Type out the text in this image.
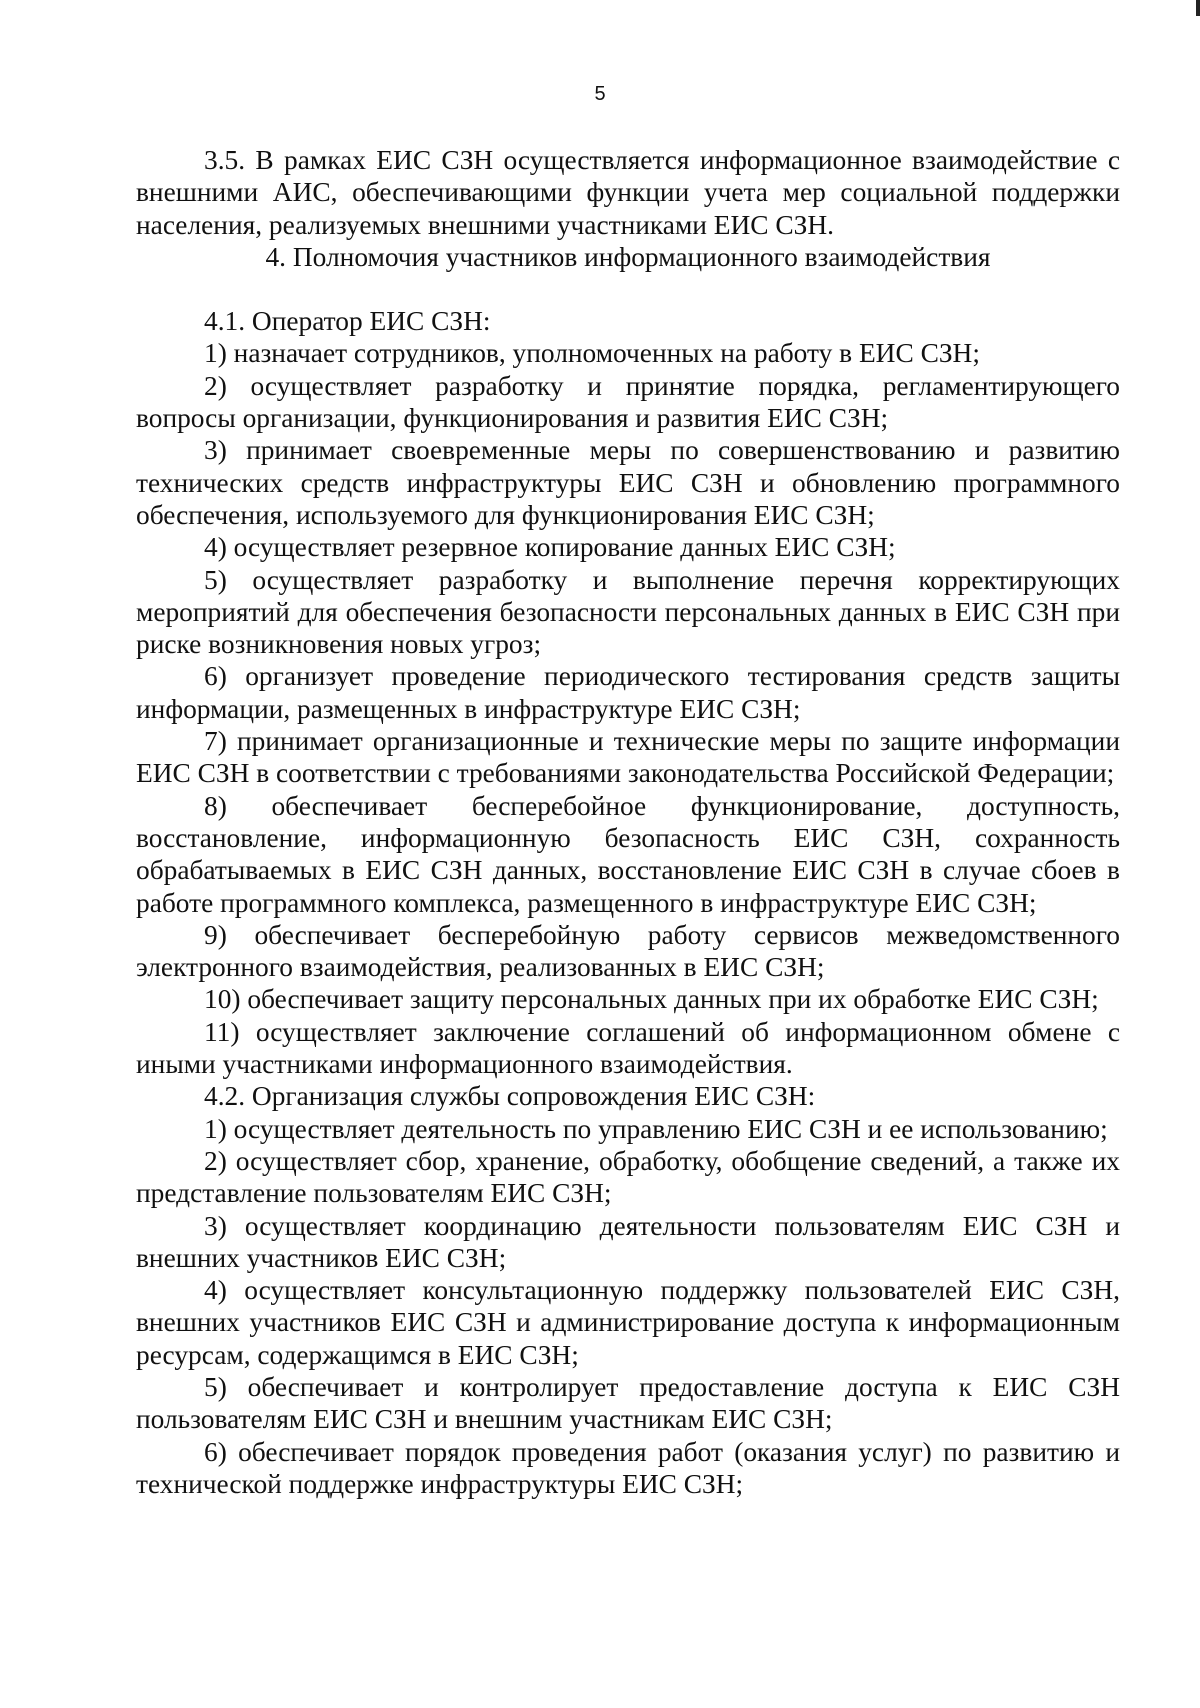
5

3.5. В рамках ЕИС СЗН осуществляется информационное взаимодействие с внешними АИС, обеспечивающими функции учета мер социальной поддержки населения, реализуемых внешними участниками ЕИС СЗН.

4. Полномочия участников информационного взаимодействия

4.1. Оператор ЕИС СЗН:

1) назначает сотрудников, уполномоченных на работу в ЕИС СЗН;

2) осуществляет разработку и принятие порядка, регламентирующего вопросы организации, функционирования и развития ЕИС СЗН;

3) принимает своевременные меры по совершенствованию и развитию технических средств инфраструктуры ЕИС СЗН и обновлению программного обеспечения, используемого для функционирования ЕИС СЗН;

4) осуществляет резервное копирование данных ЕИС СЗН;

5) осуществляет разработку и выполнение перечня корректирующих мероприятий для обеспечения безопасности персональных данных в ЕИС СЗН при риске возникновения новых угроз;

6) организует проведение периодического тестирования средств защиты информации, размещенных в инфраструктуре ЕИС СЗН;

7) принимает организационные и технические меры по защите информации ЕИС СЗН в соответствии с требованиями законодательства Российской Федерации;

8) обеспечивает бесперебойное функционирование, доступность, восстановление, информационную безопасность ЕИС СЗН, сохранность обрабатываемых в ЕИС СЗН данных, восстановление ЕИС СЗН в случае сбоев в работе программного комплекса, размещенного в инфраструктуре ЕИС СЗН;

9) обеспечивает бесперебойную работу сервисов межведомственного электронного взаимодействия, реализованных в ЕИС СЗН;

10) обеспечивает защиту персональных данных при их обработке ЕИС СЗН;

11) осуществляет заключение соглашений об информационном обмене с иными участниками информационного взаимодействия.

4.2. Организация службы сопровождения ЕИС СЗН:

1) осуществляет деятельность по управлению ЕИС СЗН и ее использованию;

2) осуществляет сбор, хранение, обработку, обобщение сведений, а также их представление пользователям ЕИС СЗН;

3) осуществляет координацию деятельности пользователям ЕИС СЗН и внешних участников ЕИС СЗН;

4) осуществляет консультационную поддержку пользователей ЕИС СЗН, внешних участников ЕИС СЗН и администрирование доступа к информационным ресурсам, содержащимся в ЕИС СЗН;

5) обеспечивает и контролирует предоставление доступа к ЕИС СЗН пользователям ЕИС СЗН и внешним участникам ЕИС СЗН;

6) обеспечивает порядок проведения работ (оказания услуг) по развитию и технической поддержке инфраструктуры ЕИС СЗН;
